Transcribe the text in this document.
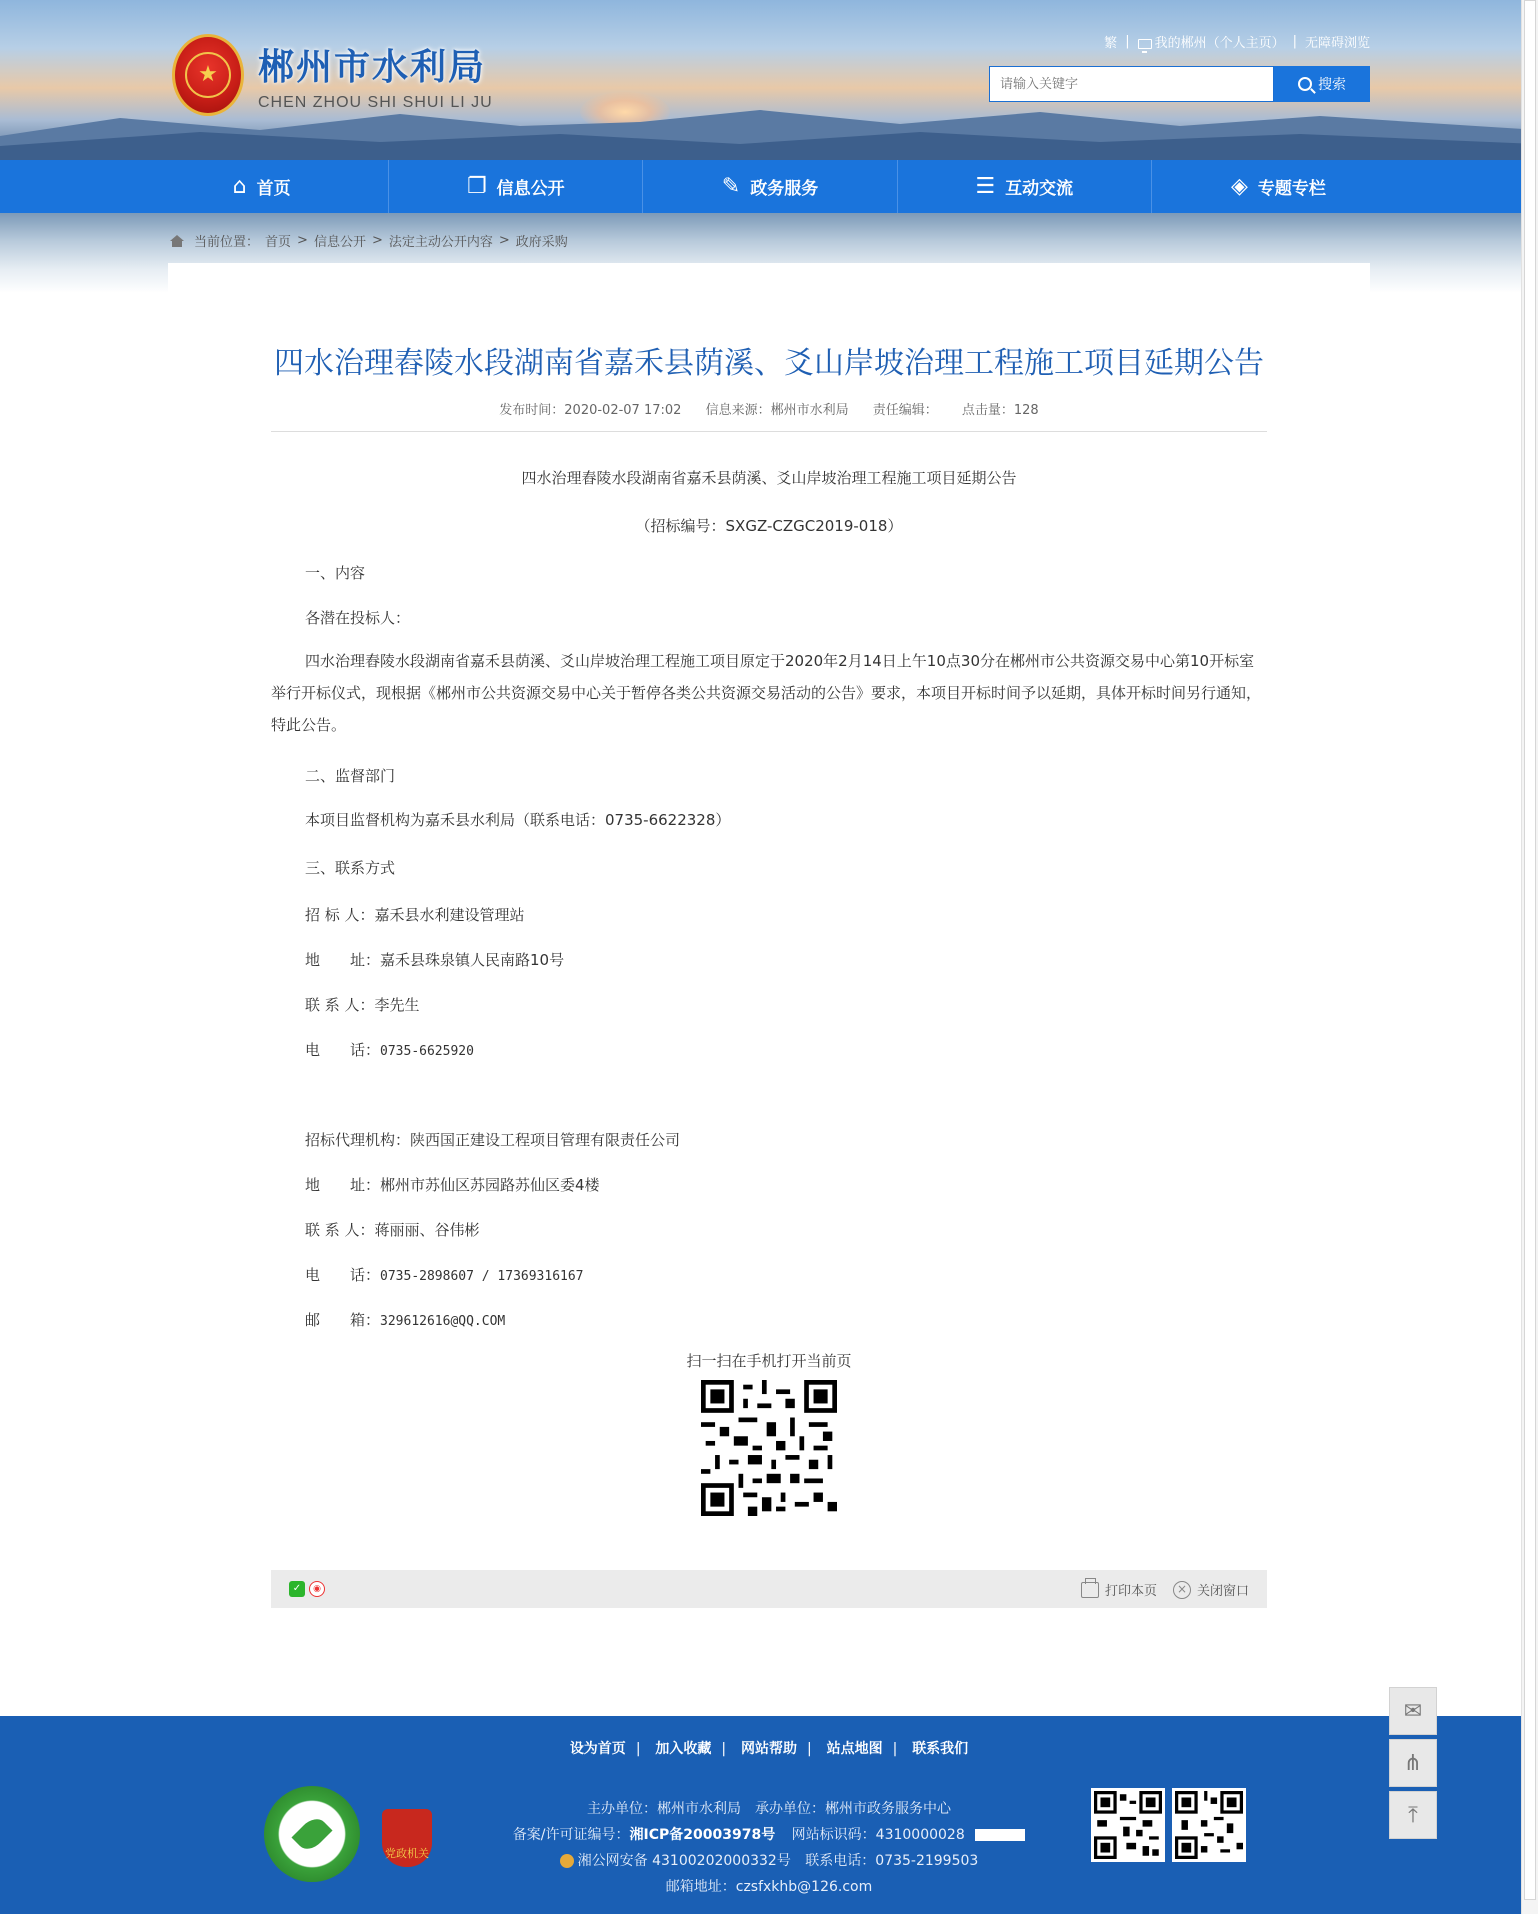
★	郴州市水利局
CHEN ZHOU SHI SHUI LI JU
繁 |	我的郴州（个人主页） | 无障碍浏览
请输入关键字
搜索
⌂ 首页	❐ 信息公开	✎ 政务服务	☰ 互动交流	◈ 专题专栏
当前位置： 首页 > 信息公开 > 法定主动公开内容 > 政府采购
四水治理舂陵水段湖南省嘉禾县荫溪、爻山岸坡治理工程施工项目延期公告
发布时间：2020-02-07 17:02 信息来源：郴州市水利局 责任编辑： 点击量：128
四水治理舂陵水段湖南省嘉禾县荫溪、爻山岸坡治理工程施工项目延期公告
（招标编号：SXGZ-CZGC2019-018）
一、内容
各潜在投标人：
四水治理舂陵水段湖南省嘉禾县荫溪、爻山岸坡治理工程施工项目原定于2020年2月14日上午10点30分在郴州市公共资源交易中心第10开标室举行开标仪式，现根据《郴州市公共资源交易中心关于暂停各类公共资源交易活动的公告》要求，本项目开标时间予以延期，具体开标时间另行通知，特此公告。
二、监督部门
本项目监督机构为嘉禾县水利局（联系电话：0735-6622328）
三、联系方式
招 标 人：嘉禾县水利建设管理站
地　　址：嘉禾县珠泉镇人民南路10号
联 系 人：李先生
电　　话：0735-6625920
招标代理机构：陕西国正建设工程项目管理有限责任公司
地　　址：郴州市苏仙区苏园路苏仙区委4楼
联 系 人：蒋丽丽、谷伟彬
电　　话：0735-2898607 / 17369316167
邮　　箱：329612616@QQ.COM
扫一扫在手机打开当前页
✓	◉	打印本页	× 关闭窗口
设为首页 | 加入收藏 | 网站帮助 | 站点地图 | 联系我们
党政机关
主办单位：郴州市水利局　承办单位：郴州市政务服务中心
备案/许可证编号：湘ICP备20003978号 网站标识码：4310000028
湘公网安备 43100202000332号 联系电话：0735-2199503
邮箱地址：czsfxkhb@126.com
✉
⋔
⤒
